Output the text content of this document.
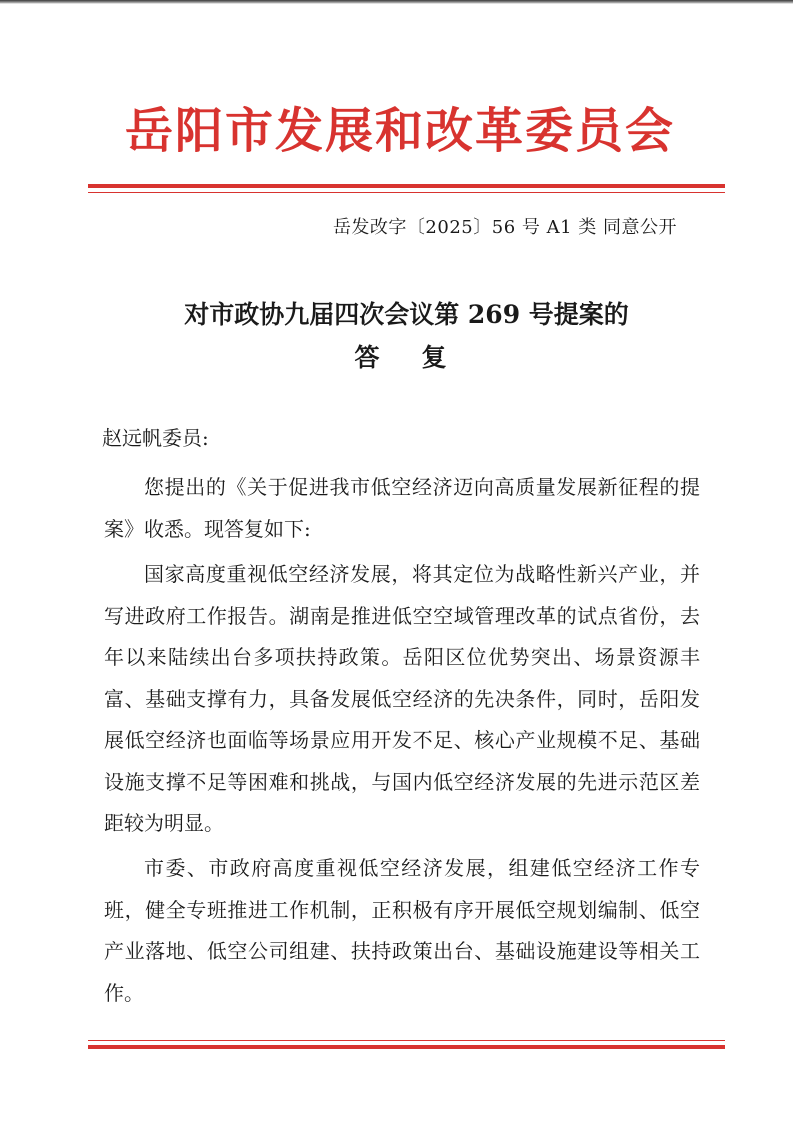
岳阳市发展和改革委员会
岳发改字〔2025〕56 号 A1 类 同意公开
对市政协九届四次会议第 269 号提案的
答复
赵远帆委员:

您提出的《关于促进我市低空经济迈向高质量发展新征程的提案》收悉。现答复如下:

国家高度重视低空经济发展，将其定位为战略性新兴产业，并写进政府工作报告。湖南是推进低空空域管理改革的试点省份，去年以来陆续出台多项扶持政策。岳阳区位优势突出、场景资源丰富、基础支撑有力，具备发展低空经济的先决条件，同时，岳阳发展低空经济也面临等场景应用开发不足、核心产业规模不足、基础设施支撑不足等困难和挑战，与国内低空经济发展的先进示范区差距较为明显。

市委、市政府高度重视低空经济发展，组建低空经济工作专班，健全专班推进工作机制，正积极有序开展低空规划编制、低空产业落地、低空公司组建、扶持政策出台、基础设施建设等相关工作。
